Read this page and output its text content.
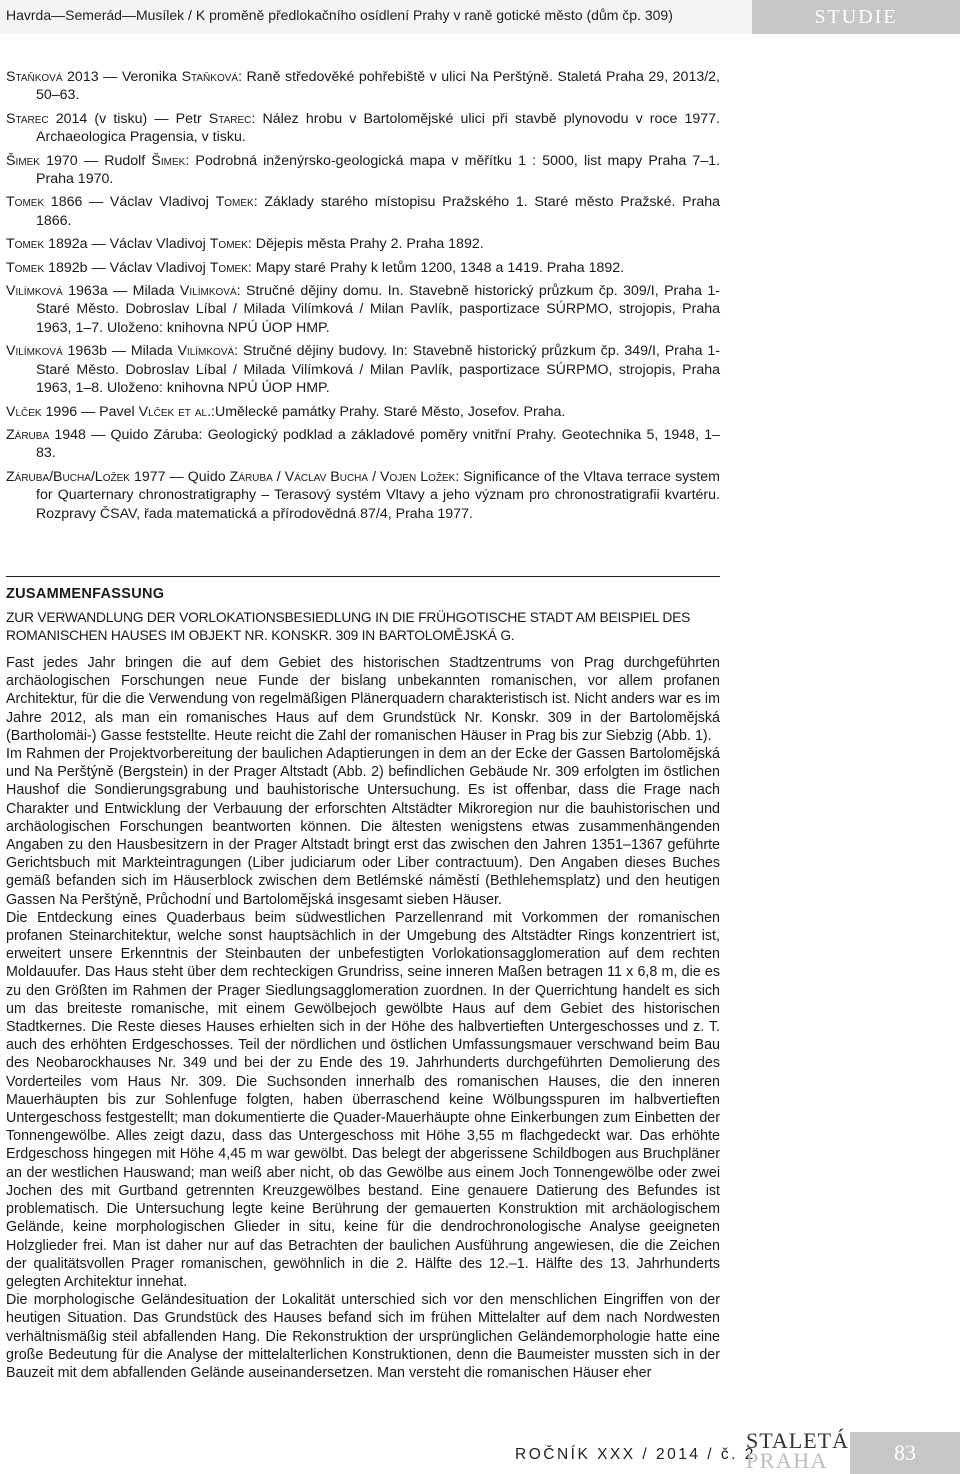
Havrda—Semerád—Musílek / K proměně předlokačního osídlení Prahy v raně gotické město (dům čp. 309)	STUDIE

Staňková 2013 — Veronika Staňková: Raně středověké pohřebiště v ulici Na Perštýně. Staletá Praha 29, 2013/2, 50–63.

Starec 2014 (v tisku) — Petr Starec: Nález hrobu v Bartolomějské ulici při stavbě plynovodu v roce 1977. Archaeologica Pragensia, v tisku.

Šimek 1970 — Rudolf Šimek: Podrobná inženýrsko-geologická mapa v měřítku 1 : 5000, list mapy Praha 7–1. Praha 1970.

Tomek 1866 — Václav Vladivoj Tomek: Základy starého místopisu Pražského 1. Staré město Pražské. Praha 1866.

Tomek 1892a — Václav Vladivoj Tomek: Dějepis města Prahy 2. Praha 1892.

Tomek 1892b — Václav Vladivoj Tomek: Mapy staré Prahy k letům 1200, 1348 a 1419. Praha 1892.

Vilímková 1963a — Milada Vilímková: Stručné dějiny domu. In. Stavebně historický průzkum čp. 309/I, Praha 1-Staré Město. Dobroslav Líbal / Milada Vilímková / Milan Pavlík, pasportizace SÚRPMO, strojopis, Praha 1963, 1–7. Uloženo: knihovna NPÚ ÚOP HMP.

Vilímková 1963b — Milada Vilímková: Stručné dějiny budovy. In: Stavebně historický průzkum čp. 349/I, Praha 1-Staré Město. Dobroslav Líbal / Milada Vilímková / Milan Pavlík, pasportizace SÚRPMO, strojopis, Praha 1963, 1–8. Uloženo: knihovna NPÚ ÚOP HMP.

Vlček 1996 — Pavel Vlček et al.:Umělecké památky Prahy. Staré Město, Josefov. Praha.

Záruba 1948 — Quido Záruba: Geologický podklad a základové poměry vnitřní Prahy. Geotechnika 5, 1948, 1–83.

Záruba/Bucha/Ložek 1977 — Quido Záruba / Václav Bucha / Vojen Ložek: Significance of the Vltava terrace system for Quarternary chronostratigraphy – Terasový systém Vltavy a jeho význam pro chronostratigrafii kvartéru. Rozpravy ČSAV, řada matematická a přírodovědná 87/4, Praha 1977.

ZUSAMMENFASSUNG
ZUR VERWANDLUNG DER VORLOKATIONSBESIEDLUNG IN DIE FRÜHGOTISCHE STADT AM BEISPIEL DES ROMANISCHEN HAUSES IM OBJEKT NR. KONSKR. 309 IN BARTOLOMĚJSKÁ G.

Fast jedes Jahr bringen die auf dem Gebiet des historischen Stadtzentrums von Prag durchgeführten archäologischen Forschungen neue Funde der bislang unbekannten romanischen, vor allem profanen Architektur, für die die Verwendung von regelmäßigen Plänerquadern charakteristisch ist. Nicht anders war es im Jahre 2012, als man ein romanisches Haus auf dem Grundstück Nr. Konskr. 309 in der Bartolomějská (Bartholomäi-) Gasse feststellte. Heute reicht die Zahl der romanischen Häuser in Prag bis zur Siebzig (Abb. 1).

Im Rahmen der Projektvorbereitung der baulichen Adaptierungen in dem an der Ecke der Gassen Bartolomějská und Na Perštýně (Bergstein) in der Prager Altstadt (Abb. 2) befindlichen Gebäude Nr. 309 erfolgten im östlichen Haushof die Sondierungsgrabung und bauhistorische Untersuchung. Es ist offenbar, dass die Frage nach Charakter und Entwicklung der Verbauung der erforschten Altstädter Mikroregion nur die bauhistorischen und archäologischen Forschungen beantworten können. Die ältesten wenigstens etwas zusammenhängenden Angaben zu den Hausbesitzern in der Prager Altstadt bringt erst das zwischen den Jahren 1351–1367 geführte Gerichtsbuch mit Markteintragungen (Liber judiciarum oder Liber contractuum). Den Angaben dieses Buches gemäß befanden sich im Häuserblock zwischen dem Betlémské náměstí (Bethlehemsplatz) und den heutigen Gassen Na Perštýně, Průchodní und Bartolomějská insgesamt sieben Häuser.

Die Entdeckung eines Quaderbaus beim südwestlichen Parzellenrand mit Vorkommen der romanischen profanen Steinarchitektur, welche sonst hauptsächlich in der Umgebung des Altstädter Rings konzentriert ist, erweitert unsere Erkenntnis der Steinbauten der unbefestigten Vorlokationsagglomeration auf dem rechten Moldauufer. Das Haus steht über dem rechteckigen Grundriss, seine inneren Maßen betragen 11 x 6,8 m, die es zu den Größten im Rahmen der Prager Siedlungsagglomeration zuordnen. In der Querrichtung handelt es sich um das breiteste romanische, mit einem Gewölbejoch gewölbte Haus auf dem Gebiet des historischen Stadtkernes. Die Reste dieses Hauses erhielten sich in der Höhe des halbvertieften Untergeschosses und z. T. auch des erhöhten Erdgeschosses. Teil der nördlichen und östlichen Umfassungsmauer verschwand beim Bau des Neobarockhauses Nr. 349 und bei der zu Ende des 19. Jahrhunderts durchgeführten Demolierung des Vorderteiles vom Haus Nr. 309. Die Suchsonden innerhalb des romanischen Hauses, die den inneren Mauerhäupten bis zur Sohlenfuge folgten, haben überraschend keine Wölbungsspuren im halbvertieften Untergeschoss festgestellt; man dokumentierte die Quader-Mauerhäupte ohne Einkerbungen zum Einbetten der Tonnengewölbe. Alles zeigt dazu, dass das Untergeschoss mit Höhe 3,55 m flachgedeckt war. Das erhöhte Erdgeschoss hingegen mit Höhe 4,45 m war gewölbt. Das belegt der abgerissene Schildbogen aus Bruchpläner an der westlichen Hauswand; man weiß aber nicht, ob das Gewölbe aus einem Joch Tonnengewölbe oder zwei Jochen des mit Gurtband getrennten Kreuzgewölbes bestand. Eine genauere Datierung des Befundes ist problematisch. Die Untersuchung legte keine Berührung der gemauerten Konstruktion mit archäologischem Gelände, keine morphologischen Glieder in situ, keine für die dendrochronologische Analyse geeigneten Holzglieder frei. Man ist daher nur auf das Betrachten der baulichen Ausführung angewiesen, die die Zeichen der qualitätsvollen Prager romanischen, gewöhnlich in die 2. Hälfte des 12.–1. Hälfte des 13. Jahrhunderts gelegten Architektur innehat.

Die morphologische Geländesituation der Lokalität unterschied sich vor den menschlichen Eingriffen von der heutigen Situation. Das Grundstück des Hauses befand sich im frühen Mittelalter auf dem nach Nordwesten verhältnismäßig steil abfallenden Hang. Die Rekonstruktion der ursprünglichen Geländemorphologie hatte eine große Bedeutung für die Analyse der mittelalterlichen Konstruktionen, denn die Baumeister mussten sich in der Bauzeit mit dem abfallenden Gelände auseinandersetzen. Man versteht die romanischen Häuser eher

ROČNÍK XXX / 2014 / č. 2
STALETÁ
PRAHA	83
